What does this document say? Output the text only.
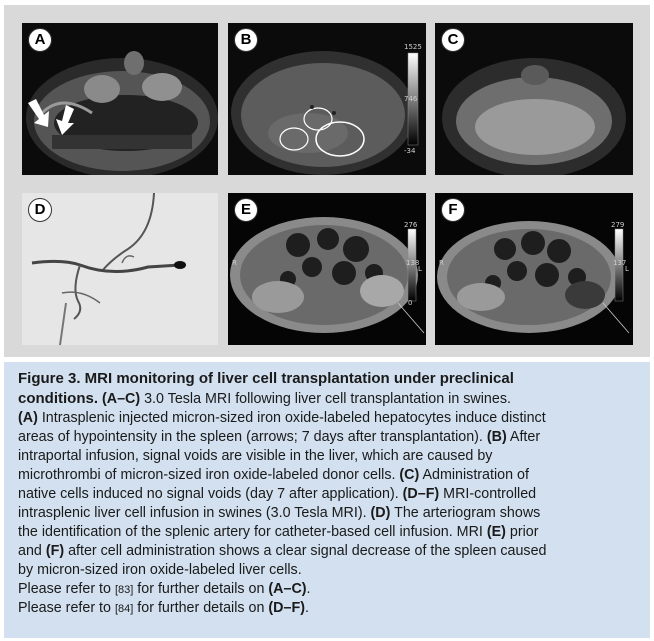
A	1525
746
-34
B	C
D
276
138
0
R
L
E
279
137
R
L
F
Figure 3. MRI monitoring of liver cell transplantation under preclinical
conditions. (A–C) 3.0 Tesla MRI following liver cell transplantation in swines.
(A) Intrasplenic injected micron-sized iron oxide-labeled hepatocytes induce distinct
areas of hypointensity in the spleen (arrows; 7 days after transplantation). (B) After
intraportal infusion, signal voids are visible in the liver, which are caused by
microthrombi of micron-sized iron oxide-labeled donor cells. (C) Administration of
native cells induced no signal voids (day 7 after application). (D–F) MRI-controlled
intrasplenic liver cell infusion in swines (3.0 Tesla MRI). (D) The arteriogram shows
the identification of the splenic artery for catheter-based cell infusion. MRI (E) prior
and (F) after cell administration shows a clear signal decrease of the spleen caused
by micron-sized iron oxide-labeled liver cells.
Please refer to [83] for further details on (A–C).
Please refer to [84] for further details on (D–F).
